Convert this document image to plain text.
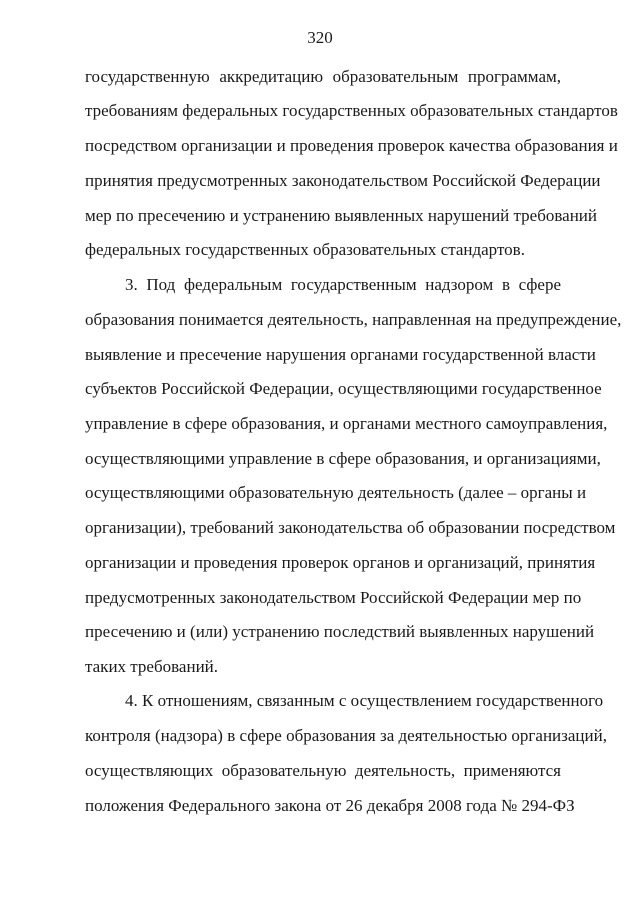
320
государственную аккредитацию образовательным программам,
требованиям федеральных государственных образовательных стандартов
посредством организации и проведения проверок качества образования и
принятия предусмотренных законодательством Российской Федерации
мер по пресечению и устранению выявленных нарушений требований
федеральных государственных образовательных стандартов.
3. Под федеральным государственным надзором в сфере
образования понимается деятельность, направленная на предупреждение,
выявление и пресечение нарушения органами государственной власти
субъектов Российской Федерации, осуществляющими государственное
управление в сфере образования, и органами местного самоуправления,
осуществляющими управление в сфере образования, и организациями,
осуществляющими образовательную деятельность (далее – органы и
организации), требований законодательства об образовании посредством
организации и проведения проверок органов и организаций, принятия
предусмотренных законодательством Российской Федерации мер по
пресечению и (или) устранению последствий выявленных нарушений
таких требований.
4. К отношениям, связанным с осуществлением государственного
контроля (надзора) в сфере образования за деятельностью организаций,
осуществляющих образовательную деятельность, применяются
положения Федерального закона от 26 декабря 2008 года № 294-ФЗ
